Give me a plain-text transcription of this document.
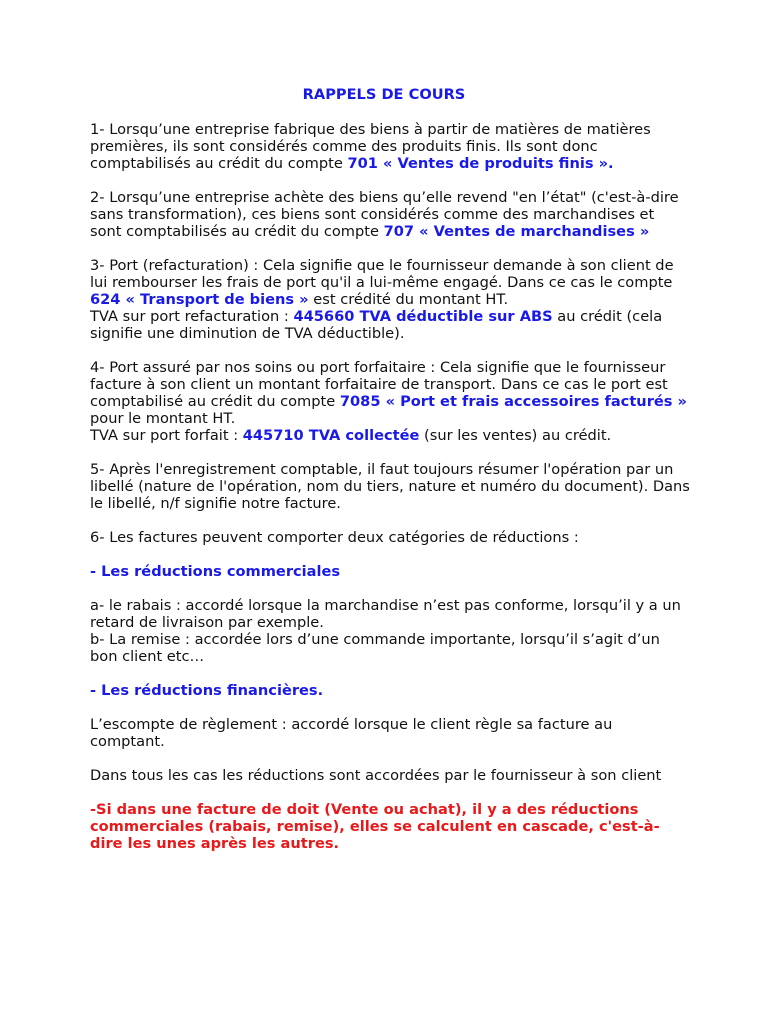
RAPPELS DE COURS

1- Lorsqu’une entreprise fabrique des biens à partir de matières de matières premières, ils sont considérés comme des produits finis. Ils sont donc comptabilisés au crédit du compte 701 « Ventes de produits finis ».

2- Lorsqu’une entreprise achète des biens qu’elle revend "en l’état" (c'est-à-dire sans transformation), ces biens sont considérés comme des marchandises et sont comptabilisés au crédit du compte 707 « Ventes de marchandises »

3- Port (refacturation) : Cela signifie que le fournisseur demande à son client de lui rembourser les frais de port qu'il a lui-même engagé. Dans ce cas le compte 624 « Transport de biens » est crédité du montant HT.
TVA sur port refacturation : 445660 TVA déductible sur ABS au crédit (cela signifie une diminution de TVA déductible).

4- Port assuré par nos soins ou port forfaitaire : Cela signifie que le fournisseur facture à son client un montant forfaitaire de transport. Dans ce cas le port est comptabilisé au crédit du compte 7085 « Port et frais accessoires facturés » pour le montant HT.
TVA sur port forfait : 445710 TVA collectée (sur les ventes) au crédit.

5- Après l'enregistrement comptable, il faut toujours résumer l'opération par un libellé (nature de l'opération, nom du tiers, nature et numéro du document). Dans le libellé, n/f signifie notre facture.

6- Les factures peuvent comporter deux catégories de réductions :

- Les réductions commerciales

a- le rabais : accordé lorsque la marchandise n’est pas conforme, lorsqu’il y a un retard de livraison par exemple.
b- La remise : accordée lors d’une commande importante, lorsqu’il s’agit d’un bon client etc…

- Les réductions financières.

L’escompte de règlement : accordé lorsque le client règle sa facture au comptant.

Dans tous les cas les réductions sont accordées par le fournisseur à son client

-Si dans une facture de doit (Vente ou achat), il y a des réductions commerciales (rabais, remise), elles se calculent en cascade, c'est-à-dire les unes après les autres.
